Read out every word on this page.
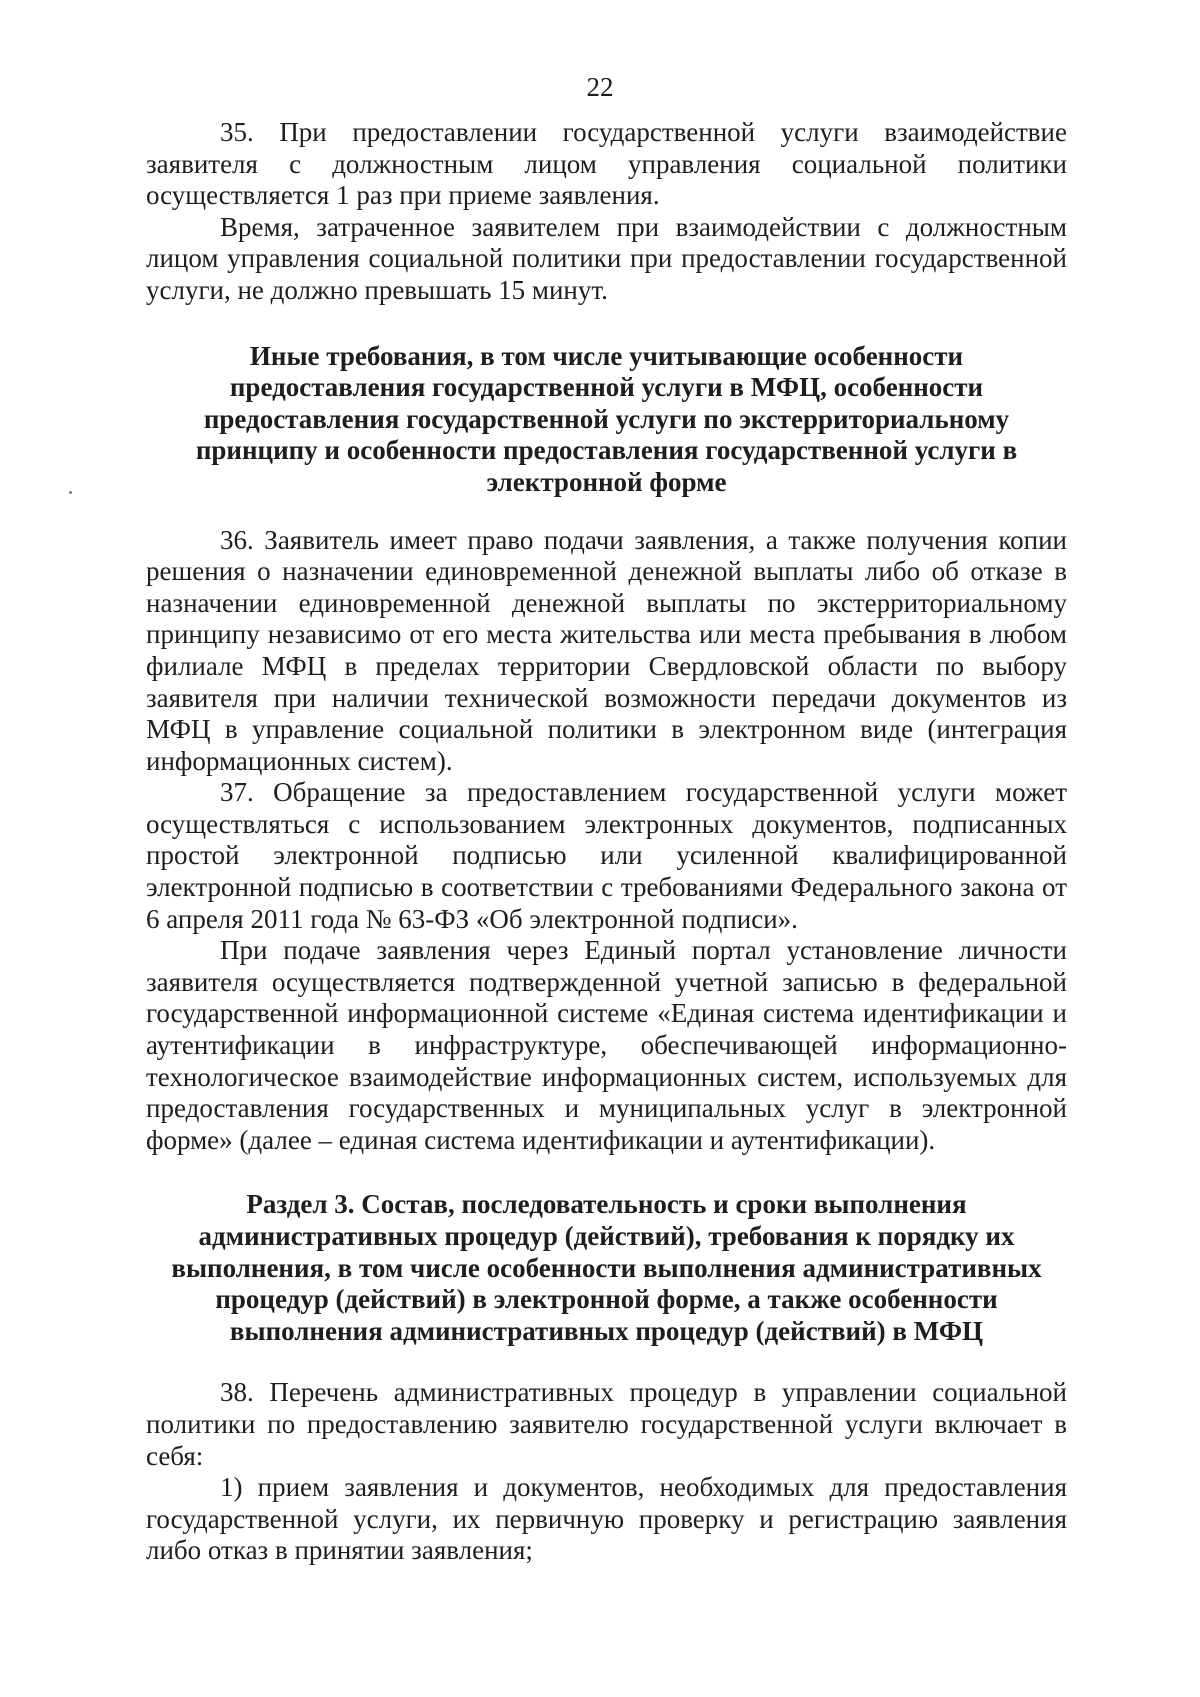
22

35. При предоставлении государственной услуги взаимодействие заявителя с должностным лицом управления социальной политики осуществляется 1 раз при приеме заявления.

Время, затраченное заявителем при взаимодействии с должностным лицом управления социальной политики при предоставлении государственной услуги, не должно превышать 15 минут.

Иные требования, в том числе учитывающие особенности предоставления государственной услуги в МФЦ, особенности предоставления государственной услуги по экстерриториальному принципу и особенности предоставления государственной услуги в электронной форме

36. Заявитель имеет право подачи заявления, а также получения копии решения о назначении единовременной денежной выплаты либо об отказе в назначении единовременной денежной выплаты по экстерриториальному принципу независимо от его места жительства или места пребывания в любом филиале МФЦ в пределах территории Свердловской области по выбору заявителя при наличии технической возможности передачи документов из МФЦ в управление социальной политики в электронном виде (интеграция информационных систем).

37. Обращение за предоставлением государственной услуги может осуществляться с использованием электронных документов, подписанных простой электронной подписью или усиленной квалифицированной электронной подписью в соответствии с требованиями Федерального закона от 6 апреля 2011 года № 63-ФЗ «Об электронной подписи».

При подаче заявления через Единый портал установление личности заявителя осуществляется подтвержденной учетной записью в федеральной государственной информационной системе «Единая система идентификации и аутентификации в инфраструктуре, обеспечивающей информационно-технологическое взаимодействие информационных систем, используемых для предоставления государственных и муниципальных услуг в электронной форме» (далее – единая система идентификации и аутентификации).

Раздел 3. Состав, последовательность и сроки выполнения административных процедур (действий), требования к порядку их выполнения, в том числе особенности выполнения административных процедур (действий) в электронной форме, а также особенности выполнения административных процедур (действий) в МФЦ

38. Перечень административных процедур в управлении социальной политики по предоставлению заявителю государственной услуги включает в себя:

1) прием заявления и документов, необходимых для предоставления государственной услуги, их первичную проверку и регистрацию заявления либо отказ в принятии заявления;
